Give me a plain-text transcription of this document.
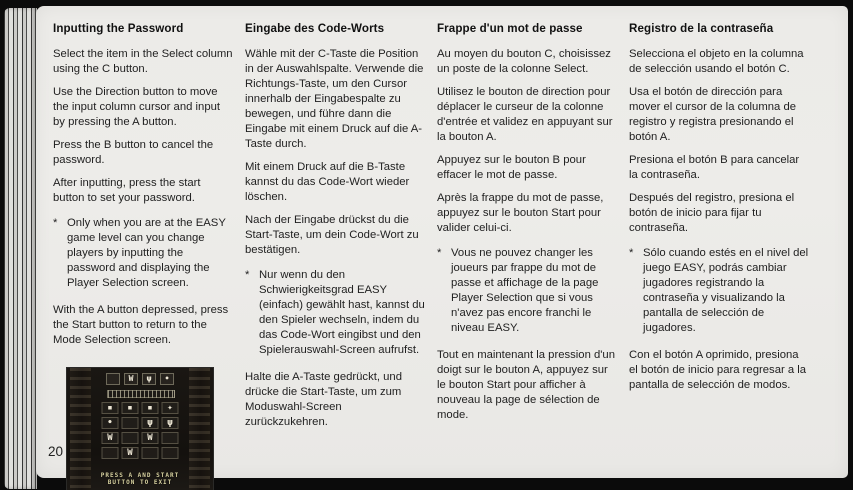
Inputting the Password

Select the item in the Select column using the C button.

Use the Direction button to move the input column cursor and input by pressing the A button.

Press the B button to cancel the password.

After inputting, press the start button to set your password.

* Only when you are at the EASY game level can you change players by inputting the password and displaying the Player Selection screen.

With the A button depressed, press the Start button to return to the Mode Selection screen.

W	ψ	•
▪	▪	▪	✦
•	ψ	ψ
W	W
W
PRESS A AND START
BUTTON TO EXIT
Eingabe des Code-Worts

Wähle mit der C-Taste die Position in der Auswahlspalte. Verwende die Richtungs-Taste, um den Cursor innerhalb der Eingabespalte zu bewegen, und führe dann die Eingabe mit einem Druck auf die A-Taste durch.

Mit einem Druck auf die B-Taste kannst du das Code-Wort wieder löschen.

Nach der Eingabe drückst du die Start-Taste, um dein Code-Wort zu bestätigen.

* Nur wenn du den Schwierigkeitsgrad EASY (einfach) gewählt hast, kannst du den Spieler wechseln, indem du das Code-Wort eingibst und den Spielerauswahl-Screen aufrufst.

Halte die A-Taste gedrückt, und drücke die Start-Taste, um zum Moduswahl-Screen zurückzukehren.

Frappe d'un mot de passe

Au moyen du bouton C, choisissez un poste de la colonne Select.

Utilisez le bouton de direction pour déplacer le curseur de la colonne d'entrée et validez en appuyant sur la bouton A.

Appuyez sur le bouton B pour effacer le mot de passe.

Après la frappe du mot de passe, appuyez sur le bouton Start pour valider celui-ci.

* Vous ne pouvez changer les joueurs par frappe du mot de passe et affichage de la page Player Selection que si vous n'avez pas encore franchi le niveau EASY.

Tout en maintenant la pression d'un doigt sur le bouton A, appuyez sur le bouton Start pour afficher à nouveau la page de sélection de mode.

Registro de la contraseña

Selecciona el objeto en la columna de selección usando el botón C.

Usa el botón de dirección para mover el cursor de la columna de registro y registra presionando el botón A.

Presiona el botón B para cancelar la contraseña.

Después del registro, presiona el botón de inicio para fijar tu contraseña.

* Sólo cuando estés en el nivel del juego EASY, podrás cambiar jugadores registrando la contraseña y visualizando la pantalla de selección de jugadores.

Con el botón A oprimido, presiona el botón de inicio para regresar a la pantalla de selección de modos.

20
